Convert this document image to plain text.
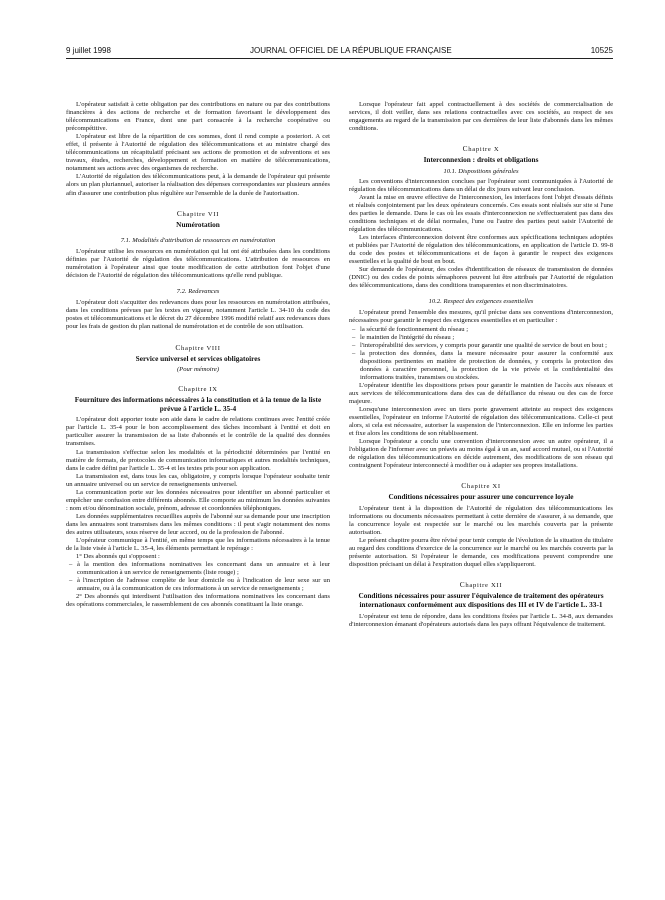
9 juillet 1998	JOURNAL OFFICIEL DE LA RÉPUBLIQUE FRANÇAISE	10525

L'opérateur satisfait à cette obligation par des contributions en nature ou par des contributions financières à des actions de recherche et de formation favorisant le développement des télécommunications en France, dont une part consacrée à la recherche coopérative ou précompétitive.

L'opérateur est libre de la répartition de ces sommes, dont il rend compte a posteriori. A cet effet, il présente à l'Autorité de régulation des télécommunications et au ministre chargé des télécommunications un récapitulatif précisant ses actions de promotion et de subventions et ses travaux, études, recherches, développement et formation en matière de télécommunications, notamment ses actions avec des organismes de recherche.

L'Autorité de régulation des télécommunications peut, à la demande de l'opérateur qui présente alors un plan pluriannuel, autoriser la réalisation des dépenses correspondantes sur plusieurs années afin d'assurer une contribution plus régulière sur l'ensemble de la durée de l'autorisation.

Chapitre VII
Numérotation
7.1. Modalités d'attribution de ressources en numérotation

L'opérateur utilise les ressources en numérotation qui lui ont été attribuées dans les conditions définies par l'Autorité de régulation des télécommunications. L'attribution de ressources en numérotation à l'opérateur ainsi que toute modification de cette attribution font l'objet d'une décision de l'Autorité de régulation des télécommunications qu'elle rend publique.

7.2. Redevances

L'opérateur doit s'acquitter des redevances dues pour les ressources en numérotation attribuées, dans les conditions prévues par les textes en vigueur, notamment l'article L. 34-10 du code des postes et télécommunications et le décret du 27 décembre 1996 modifié relatif aux redevances dues pour les frais de gestion du plan national de numérotation et de contrôle de son utilisation.

Chapitre VIII
Service universel et services obligatoires
(Pour mémoire)
Chapitre IX
Fourniture des informations nécessaires à la constitution et à la tenue de la liste prévue à l'article L. 35-4

L'opérateur doit apporter toute son aide dans le cadre de relations continues avec l'entité créée par l'article L. 35-4 pour le bon accomplissement des tâches incombant à l'entité et doit en particulier assurer la transmission de sa liste d'abonnés et le contrôle de la qualité des données transmises.

La transmission s'effectue selon les modalités et la périodicité déterminées par l'entité en matière de formats, de protocoles de communication informatiques et autres modalités techniques, dans le cadre défini par l'article L. 35-4 et les textes pris pour son application.

La transmission est, dans tous les cas, obligatoire, y compris lorsque l'opérateur souhaite tenir un annuaire universel ou un service de renseignements universel.

La communication porte sur les données nécessaires pour identifier un abonné particulier et empêcher une confusion entre différents abonnés. Elle comporte au minimum les données suivantes : nom et/ou dénomination sociale, prénom, adresse et coordonnées téléphoniques.

Les données supplémentaires recueillies auprès de l'abonné sur sa demande pour une inscription dans les annuaires sont transmises dans les mêmes conditions : il peut s'agir notamment des noms des autres utilisateurs, sous réserve de leur accord, ou de la profession de l'abonné.

L'opérateur communique à l'entité, en même temps que les informations nécessaires à la tenue de la liste visée à l'article L. 35-4, les éléments permettant le repérage :

1° Des abonnés qui s'opposent :

– à la mention des informations nominatives les concernant dans un annuaire et à leur communication à un service de renseignements (liste rouge) ;

– à l'inscription de l'adresse complète de leur domicile ou à l'indication de leur sexe sur un annuaire, ou à la communication de ces informations à un service de renseignements ;

2° Des abonnés qui interdisent l'utilisation des informations nominatives les concernant dans des opérations commerciales, le rassemblement de ces abonnés constituant la liste orange.

Lorsque l'opérateur fait appel contractuellement à des sociétés de commercialisation de services, il doit veiller, dans ses relations contractuelles avec ces sociétés, au respect de ses engagements au regard de la transmission par ces dernières de leur liste d'abonnés dans les mêmes conditions.

Chapitre X
Interconnexion : droits et obligations
10.1. Dispositions générales

Les conventions d'interconnexion conclues par l'opérateur sont communiquées à l'Autorité de régulation des télécommunications dans un délai de dix jours suivant leur conclusion.

Avant la mise en œuvre effective de l'interconnexion, les interfaces font l'objet d'essais définis et réalisés conjointement par les deux opérateurs concernés. Ces essais sont réalisés sur site si l'une des parties le demande. Dans le cas où les essais d'interconnexion ne s'effectueraient pas dans des conditions techniques et de délai normales, l'une ou l'autre des parties peut saisir l'Autorité de régulation des télécommunications.

Les interfaces d'interconnexion doivent être conformes aux spécifications techniques adoptées et publiées par l'Autorité de régulation des télécommunications, en application de l'article D. 99-8 du code des postes et télécommunications et de façon à garantir le respect des exigences essentielles et la qualité de bout en bout.

Sur demande de l'opérateur, des codes d'identification de réseaux de transmission de données (DNIC) ou des codes de points sémaphores peuvent lui être attribués par l'Autorité de régulation des télécommunications, dans des conditions transparentes et non discriminatoires.

10.2. Respect des exigences essentielles

L'opérateur prend l'ensemble des mesures, qu'il précise dans ses conventions d'interconnexion, nécessaires pour garantir le respect des exigences essentielles et en particulier :

– la sécurité de fonctionnement du réseau ;

– le maintien de l'intégrité du réseau ;

– l'interopérabilité des services, y compris pour garantir une qualité de service de bout en bout ;

– la protection des données, dans la mesure nécessaire pour assurer la conformité aux dispositions pertinentes en matière de protection de données, y compris la protection des données à caractère personnel, la protection de la vie privée et la confidentialité des informations traitées, transmises ou stockées.

L'opérateur identifie les dispositions prises pour garantir le maintien de l'accès aux réseaux et aux services de télécommunications dans des cas de défaillance du réseau ou des cas de force majeure.

Lorsqu'une interconnexion avec un tiers porte gravement atteinte au respect des exigences essentielles, l'opérateur en informe l'Autorité de régulation des télécommunications. Celle-ci peut alors, si cela est nécessaire, autoriser la suspension de l'interconnexion. Elle en informe les parties et fixe alors les conditions de son rétablissement.

Lorsque l'opérateur a conclu une convention d'interconnexion avec un autre opérateur, il a l'obligation de l'informer avec un préavis au moins égal à un an, sauf accord mutuel, ou si l'Autorité de régulation des télécommunications en décide autrement, des modifications de son réseau qui contraignent l'opérateur interconnecté à modifier ou à adapter ses propres installations.

Chapitre XI
Conditions nécessaires pour assurer une concurrence loyale

L'opérateur tient à la disposition de l'Autorité de régulation des télécommunications les informations ou documents nécessaires permettant à cette dernière de s'assurer, à sa demande, que la concurrence loyale est respectée sur le marché ou les marchés couverts par la présente autorisation.

Le présent chapitre pourra être révisé pour tenir compte de l'évolution de la situation du titulaire au regard des conditions d'exercice de la concurrence sur le marché ou les marchés couverts par la présente autorisation. Si l'opérateur le demande, ces modifications peuvent comprendre une disposition précisant un délai à l'expiration duquel elles s'appliqueront.

Chapitre XII
Conditions nécessaires pour assurer l'équivalence de traitement des opérateurs internationaux conformément aux dispositions des III et IV de l'article L. 33-1

L'opérateur est tenu de répondre, dans les conditions fixées par l'article L. 34-8, aux demandes d'interconnexion émanant d'opérateurs autorisés dans les pays offrant l'équivalence de traitement.
